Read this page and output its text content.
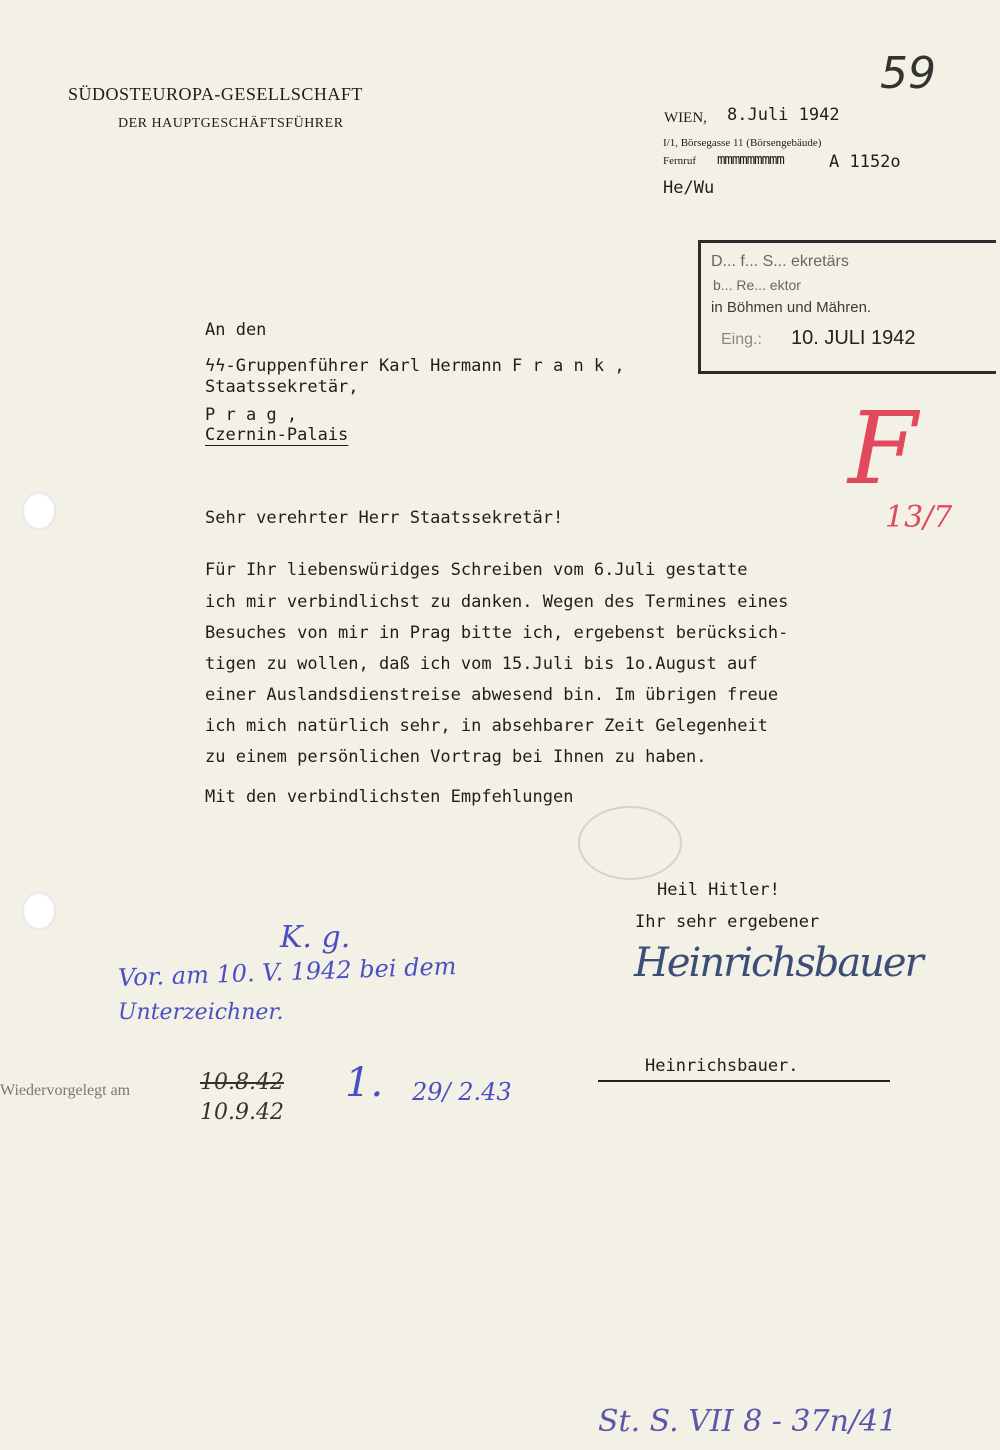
59
SÜDOSTEUROPA-GESELLSCHAFT
DER HAUPTGESCHÄFTSFÜHRER	WIEN, 8.Juli 1942
I/1, Börsegasse 11 (Börsengebäude)
Fernruf mmmmmmmmm	A 1152o
He/Wu
D... f... S... ekretärs
b... Re... ektor
in Böhmen und Mähren.
Eing.: 10. JULI 1942
F
13/7
An den
ϟϟ-Gruppenführer Karl Hermann F r a n k ,
Staatssekretär,
P r a g ,
Czernin-Palais
Sehr verehrter Herr Staatssekretär!
Für Ihr liebenswüridges Schreiben vom 6.Juli gestatte
ich mir verbindlichst zu danken. Wegen des Termines eines
Besuches von mir in Prag bitte ich, ergebenst berücksich-
tigen zu wollen, daß ich vom 15.Juli bis 1o.August auf
einer Auslandsdienstreise abwesend bin. Im übrigen freue
ich mich natürlich sehr, in absehbarer Zeit Gelegenheit
zu einem persönlichen Vortrag bei Ihnen zu haben.
Mit den verbindlichsten Empfehlungen
Heil Hitler!
Ihr sehr ergebener
Heinrichsbauer
Heinrichsbauer.
K. g.
Vor. am 10. V. 1942 bei dem
Unterzeichner.
Wiedervorgelegt am	10.8.42
10.9.42
1. 29/ 2.43
St. S. VII 8 - 37n/41
